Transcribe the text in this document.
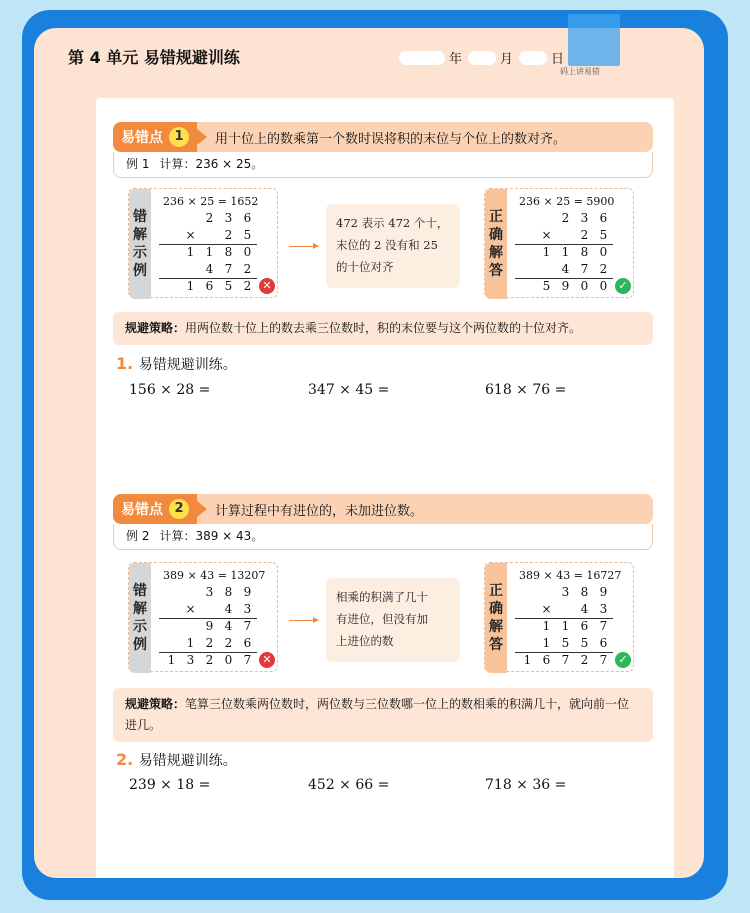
第 4 单元 易错规避训练	年	月	日
码上讲易错
易错点 1	用十位上的数乘第一个数时误将积的末位与个位上的数对齐。
例 1 计算：236 × 25。
错
解
示
例
236 × 25 = 1652
2 3 6
×	2 5
1 1 8 0
4 7 2
1 6 5 2	✕
472 表示 472 个十，
末位的 2 没有和 25
的十位对齐
正
确
解
答
236 × 25 = 5900
2 3 6
×	2 5
1 1 8 0
4 7 2
5 9 0 0	✓
规避策略：用两位数十位上的数去乘三位数时，积的末位要与这个两位数的十位对齐。
1. 易错规避训练。
156 × 28 =	347 × 45 =	618 × 76 =
易错点 2	计算过程中有进位的，未加进位数。
例 2 计算：389 × 43。
错
解
示
例
389 × 43 = 13207
3 8 9
×	4 3
9 4 7
1 2 2 6
1 3 2 0 7	✕
相乘的积满了几十
有进位，但没有加
上进位的数
正
确
解
答
389 × 43 = 16727
3 8 9
×	4 3
1 1 6 7
1 5 5 6
1 6 7 2 7	✓
规避策略：笔算三位数乘两位数时，两位数与三位数哪一位上的数相乘的积满几十，就向前一位进几。
2. 易错规避训练。
239 × 18 =	452 × 66 =	718 × 36 =
